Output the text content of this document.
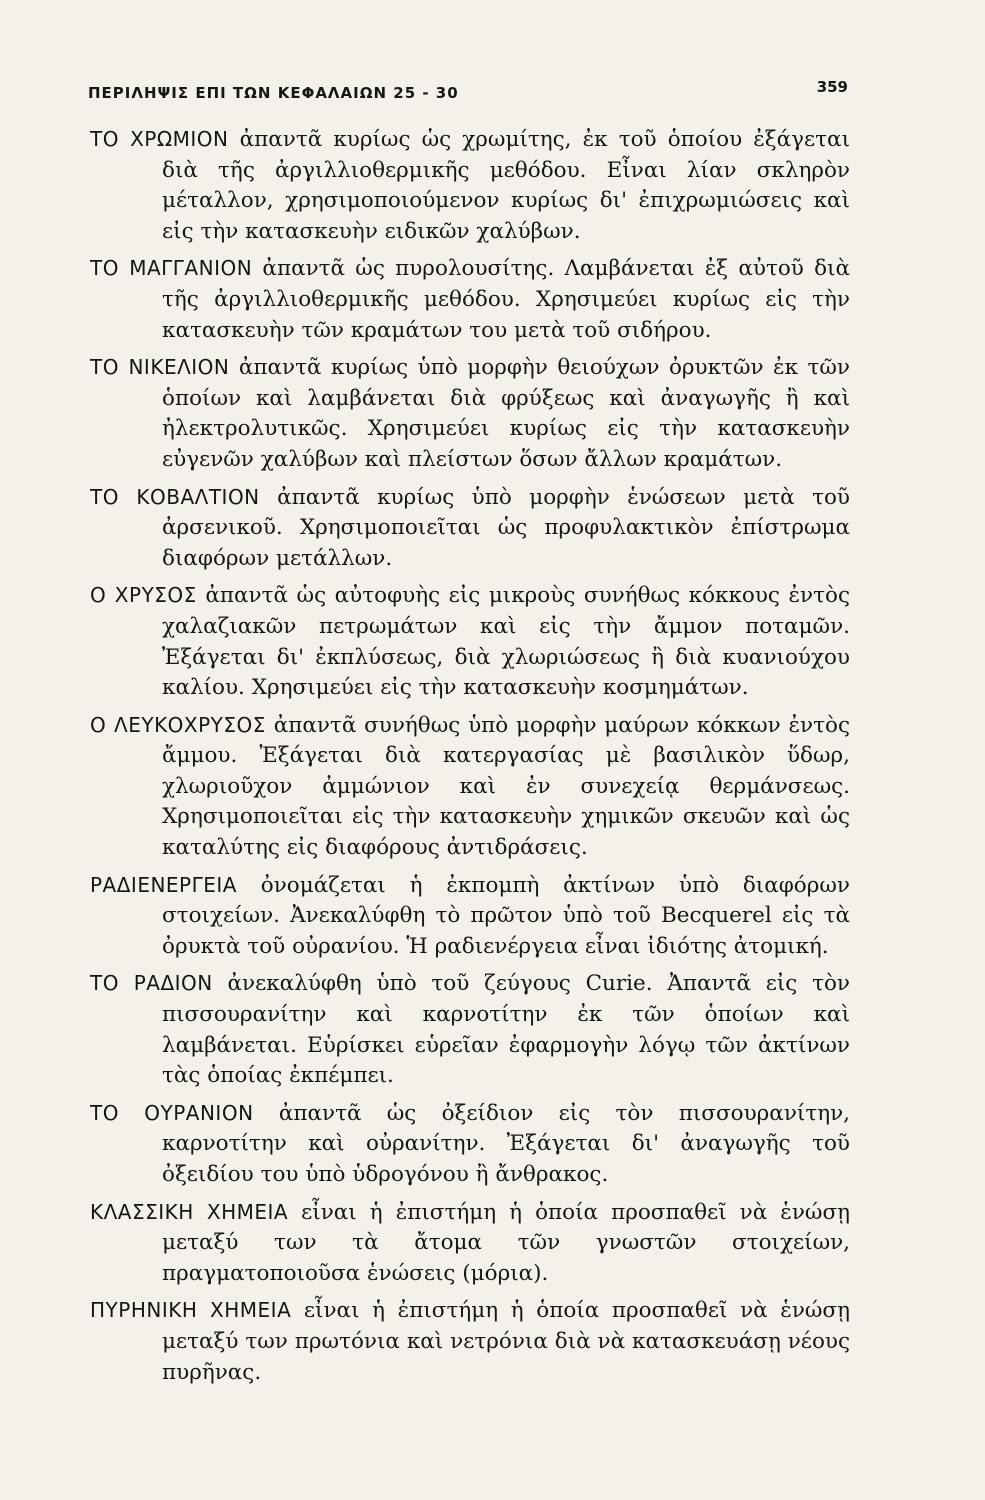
ΠΕΡΙΛΗΨΙΣ ΕΠΙ ΤΩΝ ΚΕΦΑΛΑΙΩΝ 25 - 30	359

ΤΟ ΧΡΩΜΙΟΝ ἀπαντᾶ κυρίως ὡς χρωμίτης, ἐκ τοῦ ὁποίου ἐξάγεται διὰ τῆς ἀργιλλιοθερμικῆς μεθόδου. Εἶναι λίαν σκληρὸν μέταλλον, χρησιμοποιούμενον κυρίως δι' ἐπιχρωμιώσεις καὶ εἰς τὴν κατασκευὴν ειδικῶν χαλύβων.

ΤΟ ΜΑΓΓΑΝΙΟΝ ἀπαντᾶ ὡς πυρολουσίτης. Λαμβάνεται ἐξ αὐτοῦ διὰ τῆς ἀργιλλιοθερμικῆς μεθόδου. Χρησιμεύει κυρίως εἰς τὴν κατασκευὴν τῶν κραμάτων του μετὰ τοῦ σιδήρου.

ΤΟ ΝΙΚΕΛΙΟΝ ἀπαντᾶ κυρίως ὑπὸ μορφὴν θειούχων ὀρυκτῶν ἐκ τῶν ὁποίων καὶ λαμβάνεται διὰ φρύξεως καὶ ἀναγωγῆς ἢ καὶ ἠλεκτρολυτικῶς. Χρησιμεύει κυρίως εἰς τὴν κατασκευὴν εὐγενῶν χαλύβων καὶ πλείστων ὅσων ἄλλων κραμάτων.

ΤΟ ΚΟΒΑΛΤΙΟΝ ἀπαντᾶ κυρίως ὑπὸ μορφὴν ἑνώσεων μετὰ τοῦ ἀρσενικοῦ. Χρησιμοποιεῖται ὡς προφυλακτικὸν ἐπίστρωμα διαφόρων μετάλλων.

Ο ΧΡΥΣΟΣ ἀπαντᾶ ὡς αὐτοφυὴς εἰς μικροὺς συνήθως κόκκους ἐντὸς χαλαζιακῶν πετρωμάτων καὶ εἰς τὴν ἄμμον ποταμῶν. Ἐξάγεται δι' ἐκπλύσεως, διὰ χλωριώσεως ἢ διὰ κυανιούχου καλίου. Χρησιμεύει εἰς τὴν κατασκευὴν κοσμημάτων.

Ο ΛΕΥΚΟΧΡΥΣΟΣ ἀπαντᾶ συνήθως ὑπὸ μορφὴν μαύρων κόκκων ἐντὸς ἄμμου. Ἐξάγεται διὰ κατεργασίας μὲ βασιλικὸν ὕδωρ, χλωριοῦχον ἀμμώνιον καὶ ἐν συνεχείᾳ θερμάνσεως. Χρησιμοποιεῖται εἰς τὴν κατασκευὴν χημικῶν σκευῶν καὶ ὡς καταλύτης εἰς διαφόρους ἀντιδράσεις.

ΡΑΔΙΕΝΕΡΓΕΙΑ ὀνομάζεται ἡ ἐκπομπὴ ἀκτίνων ὑπὸ διαφόρων στοιχείων. Ἀνεκαλύφθη τὸ πρῶτον ὑπὸ τοῦ Becquerel εἰς τὰ ὀρυκτὰ τοῦ οὐρανίου. Ἡ ραδιενέργεια εἶναι ἰδιότης ἀτομική.

ΤΟ ΡΑΔΙΟΝ ἀνεκαλύφθη ὑπὸ τοῦ ζεύγους Curie. Ἀπαντᾶ εἰς τὸν πισσουρανίτην καὶ καρνοτίτην ἐκ τῶν ὁποίων καὶ λαμβάνεται. Εὑρίσκει εὑρεῖαν ἐφαρμογὴν λόγῳ τῶν ἀκτίνων τὰς ὁποίας ἐκπέμπει.

ΤΟ ΟΥΡΑΝΙΟΝ ἀπαντᾶ ὡς ὀξείδιον εἰς τὸν πισσουρανίτην, καρνοτίτην καὶ οὐρανίτην. Ἐξάγεται δι' ἀναγωγῆς τοῦ ὀξειδίου του ὑπὸ ὑδρογόνου ἢ ἄνθρακος.

ΚΛΑΣΣΙΚΗ ΧΗΜΕΙΑ εἶναι ἡ ἐπιστήμη ἡ ὁποία προσπαθεῖ νὰ ἑνώσῃ μεταξύ των τὰ ἄτομα τῶν γνωστῶν στοιχείων, πραγματοποιοῦσα ἑνώσεις (μόρια).

ΠΥΡΗΝΙΚΗ ΧΗΜΕΙΑ εἶναι ἡ ἐπιστήμη ἡ ὁποία προσπαθεῖ νὰ ἑνώσῃ μεταξύ των πρωτόνια καὶ νετρόνια διὰ νὰ κατασκευάσῃ νέους πυρῆνας.
